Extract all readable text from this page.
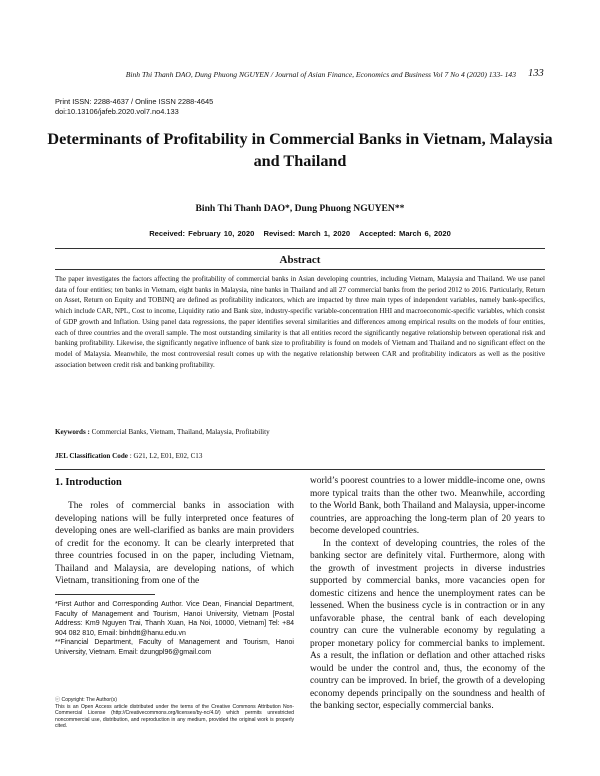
Binh Thi Thanh DAO, Dung Phuong NGUYEN / Journal of Asian Finance, Economics and Business Vol 7 No 4 (2020) 133- 143 133
Print ISSN: 2288-4637 / Online ISSN 2288-4645
doi:10.13106/jafeb.2020.vol7.no4.133
Determinants of Profitability in Commercial Banks in Vietnam, Malaysia and Thailand
Binh Thi Thanh DAO*, Dung Phuong NGUYEN**
Received: February 10, 2020 Revised: March 1, 2020 Accepted: March 6, 2020
Abstract
The paper investigates the factors affecting the profitability of commercial banks in Asian developing countries, including Vietnam, Malaysia and Thailand. We use panel data of four entities; ten banks in Vietnam, eight banks in Malaysia, nine banks in Thailand and all 27 commercial banks from the period 2012 to 2016. Particularly, Return on Asset, Return on Equity and TOBINQ are defined as profitability indicators, which are impacted by three main types of independent variables, namely bank-specifics, which include CAR, NPL, Cost to income, Liquidity ratio and Bank size, industry-specific variable-concentration HHI and macroeconomic-specific variables, which consist of GDP growth and Inflation. Using panel data regressions, the paper identifies several similarities and differences among empirical results on the models of four entities, each of three countries and the overall sample. The most outstanding similarity is that all entities record the significantly negative relationship between operational risk and banking profitability. Likewise, the significantly negative influence of bank size to profitability is found on models of Vietnam and Thailand and no significant effect on the model of Malaysia. Meanwhile, the most controversial result comes up with the negative relationship between CAR and profitability indicators as well as the positive association between credit risk and banking profitability.
Keywords : Commercial Banks, Vietnam, Thailand, Malaysia, Profitability
JEL Classification Code : G21, L2, E01, E02, C13
1. Introduction

The roles of commercial banks in association with developing nations will be fully interpreted once features of developing ones are well-clarified as banks are main providers of credit for the economy. It can be clearly interpreted that three countries focused in on the paper, including Vietnam, Thailand and Malaysia, are developing nations, of which Vietnam, transitioning from one of the

world’s poorest countries to a lower middle-income one, owns more typical traits than the other two. Meanwhile, according to the World Bank, both Thailand and Malaysia, upper-income countries, are approaching the long-term plan of 20 years to become developed countries.

In the context of developing countries, the roles of the banking sector are definitely vital. Furthermore, along with the growth of investment projects in diverse industries supported by commercial banks, more vacancies open for domestic citizens and hence the unemployment rates can be lessened. When the business cycle is in contraction or in any unfavorable phase, the central bank of each developing country can cure the vulnerable economy by regulating a proper monetary policy for commercial banks to implement. As a result, the inflation or deflation and other attached risks would be under the control and, thus, the economy of the country can be improved. In brief, the growth of a developing economy depends principally on the soundness and health of the banking sector, especially commercial banks.

*First Author and Corresponding Author. Vice Dean, Financial Department, Faculty of Management and Tourism, Hanoi University, Vietnam [Postal Address: Km9 Nguyen Trai, Thanh Xuan, Ha Noi, 10000, Vietnam] Tel: +84 904 082 810, Email: binhdtt@hanu.edu.vn

**Financial Department, Faculty of Management and Tourism, Hanoi University, Vietnam. Email: dzungpl96@gmail.com

ⓒ Copyright: The Author(s)

This is an Open Access article distributed under the terms of the Creative Commons Attribution Non-Commercial License (http://Creativecommons.org/licenses/by-nc/4.0/) which permits unrestricted noncommercial use, distribution, and reproduction in any medium, provided the original work is properly cited.
